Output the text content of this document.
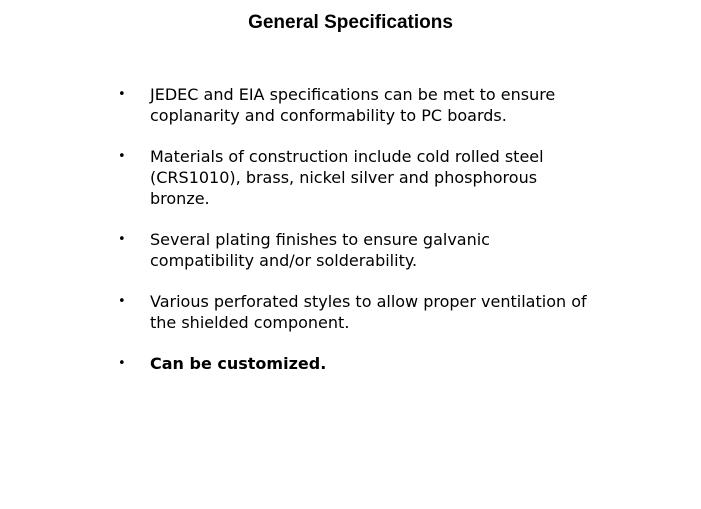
General Specifications
• JEDEC and EIA specifications can be met to ensure coplanarity and conformability to PC boards.
• Materials of construction include cold rolled steel (CRS1010), brass, nickel silver and phosphorous bronze.
• Several plating finishes to ensure galvanic compatibility and/or solderability.
• Various perforated styles to allow proper ventilation of the shielded component.
• Can be customized.
